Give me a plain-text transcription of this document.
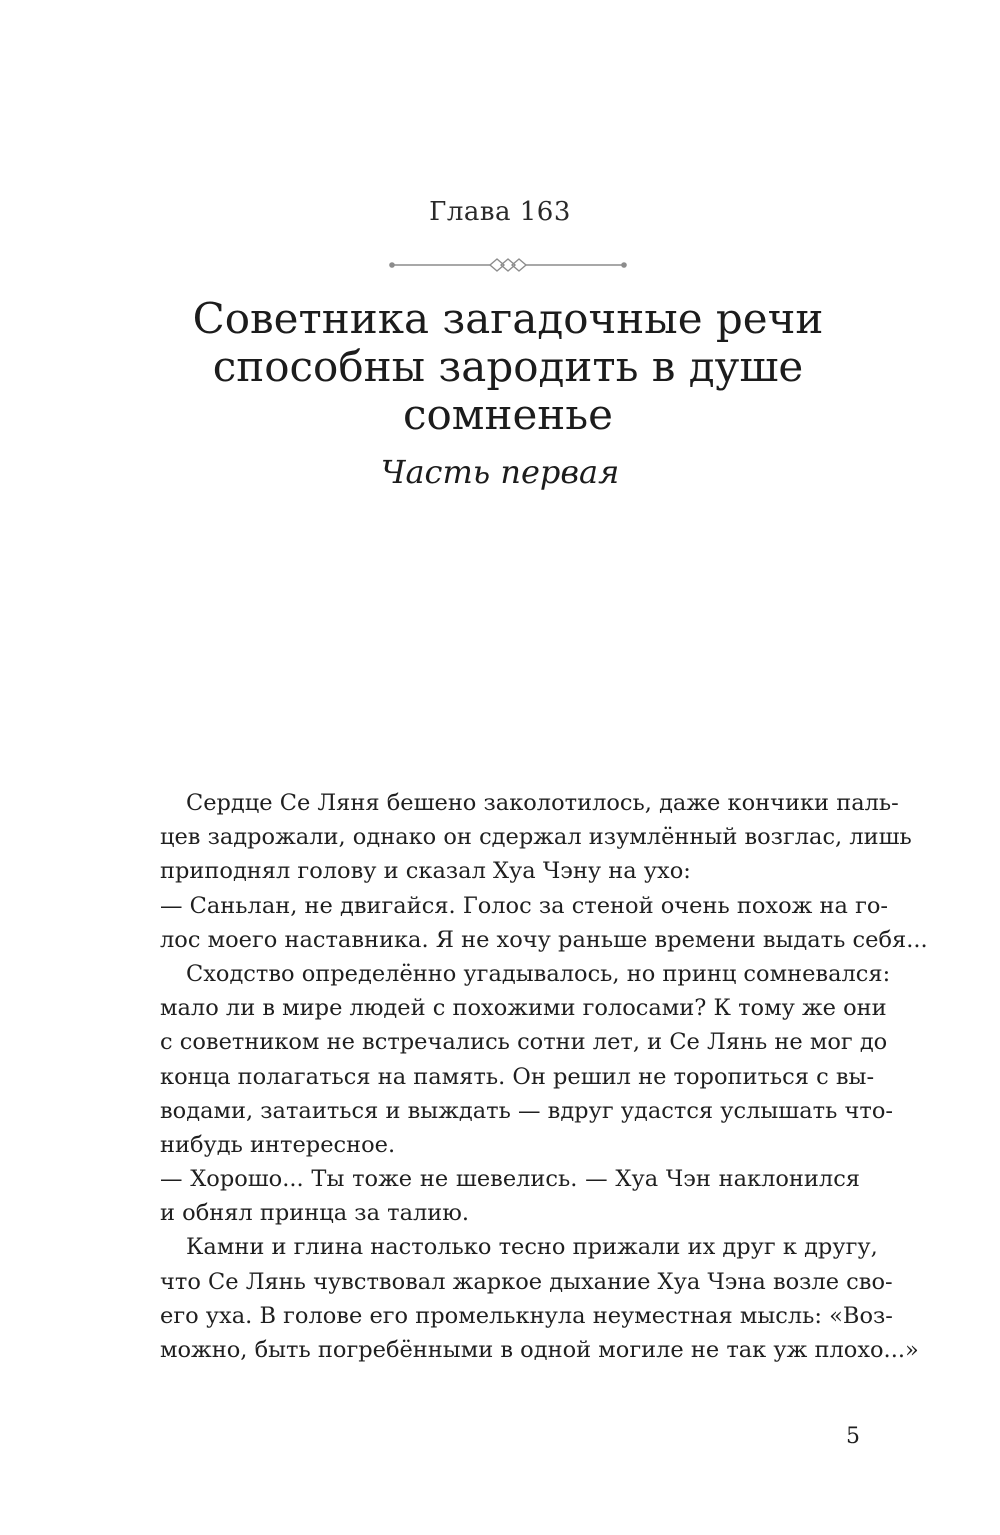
Глава 163
Советника загадочные речи
способны зародить в душе
сомненье
Часть первая
Сердце Се Ляня бешено заколотилось, даже кончики паль-
цев задрожали, однако он сдержал изумлённый возглас, лишь
приподнял голову и сказал Хуа Чэну на ухо:
— Саньлан, не двигайся. Голос за стеной очень похож на го-
лос моего наставника. Я не хочу раньше времени выдать себя...
Сходство определённо угадывалось, но принц сомневался:
мало ли в мире людей с похожими голосами? К тому же они
с советником не встречались сотни лет, и Се Лянь не мог до
конца полагаться на память. Он решил не торопиться с вы-
водами, затаиться и выждать — вдруг удастся услышать что-
нибудь интересное.
— Хорошо... Ты тоже не шевелись. — Хуа Чэн наклонился
и обнял принца за талию.
Камни и глина настолько тесно прижали их друг к другу,
что Се Лянь чувствовал жаркое дыхание Хуа Чэна возле сво-
его уха. В голове его промелькнула неуместная мысль: «Воз-
можно, быть погребёнными в одной могиле не так уж плохо...»
5
